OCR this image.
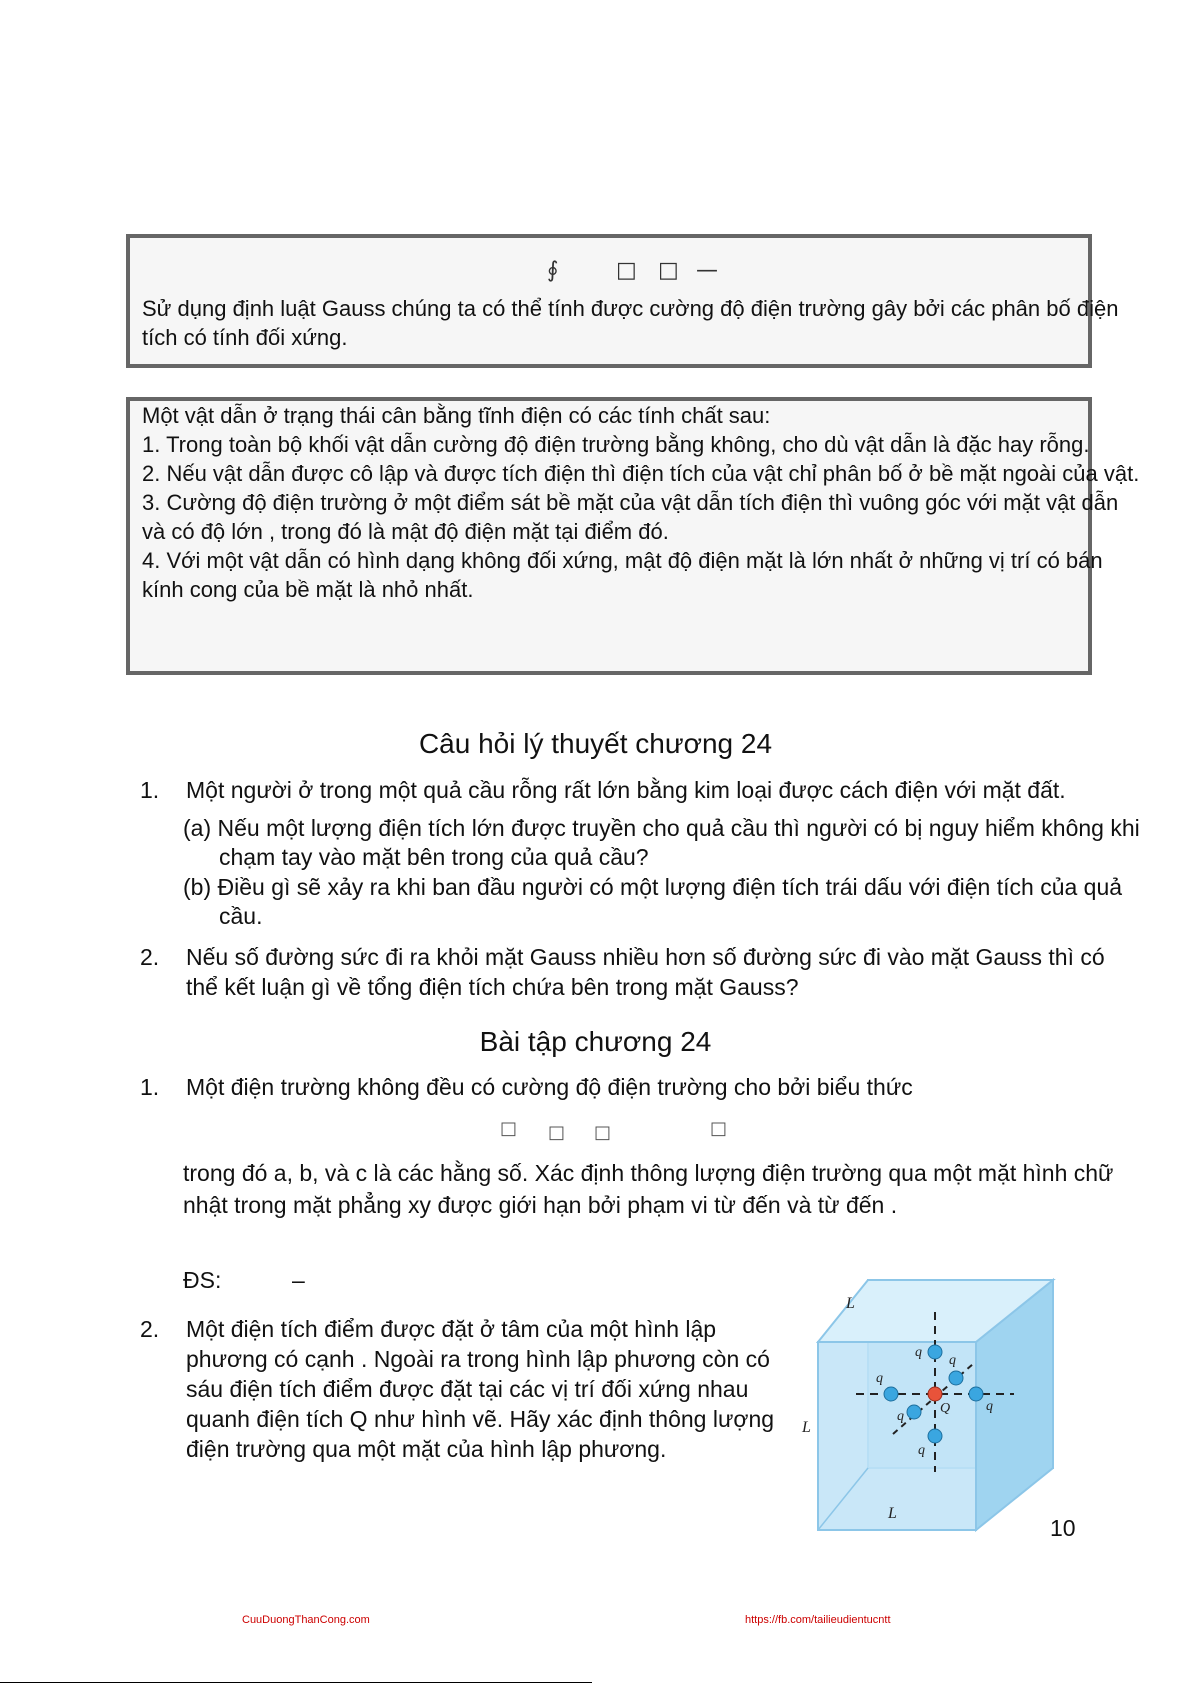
∮	□ □ —
Sử dụng định luật Gauss chúng ta có thể tính được cường độ điện trường gây bởi các phân bố điện tích có tính đối xứng.
Một vật dẫn ở trạng thái cân bằng tĩnh điện có các tính chất sau:
1. Trong toàn bộ khối vật dẫn cường độ điện trường bằng không, cho dù vật dẫn là đặc hay rỗng.
2. Nếu vật dẫn được cô lập và được tích điện thì điện tích của vật chỉ phân bố ở bề mặt ngoài của vật.
3. Cường độ điện trường ở một điểm sát bề mặt của vật dẫn tích điện thì vuông góc với mặt vật dẫn và có độ lớn , trong đó là mật độ điện mặt tại điểm đó.
4. Với một vật dẫn có hình dạng không đối xứng, mật độ điện mặt là lớn nhất ở những vị trí có bán kính cong của bề mặt là nhỏ nhất.
Câu hỏi lý thuyết chương 24
1. Một người ở trong một quả cầu rỗng rất lớn bằng kim loại được cách điện với mặt đất.
(a) Nếu một lượng điện tích lớn được truyền cho quả cầu thì người có bị nguy hiểm không khi chạm tay vào mặt bên trong của quả cầu?
(b) Điều gì sẽ xảy ra khi ban đầu người có một lượng điện tích trái dấu với điện tích của quả cầu.
2. Nếu số đường sức đi ra khỏi mặt Gauss nhiều hơn số đường sức đi vào mặt Gauss thì có thể kết luận gì về tổng điện tích chứa bên trong mặt Gauss?
Bài tập chương 24
1. Một điện trường không đều có cường độ điện trường cho bởi biểu thức
□ □ □	□
trong đó a, b, và c là các hằng số. Xác định thông lượng điện trường qua một mặt hình chữ nhật trong mặt phẳng xy được giới hạn bởi phạm vi từ đến và từ đến .
ĐS:	–
2. Một điện tích điểm được đặt ở tâm của một hình lập phương có cạnh . Ngoài ra trong hình lập phương còn có sáu điện tích điểm được đặt tại các vị trí đối xứng nhau quanh điện tích Q như hình vẽ. Hãy xác định thông lượng điện trường qua một mặt của hình lập phương.
L
L
L
q
q
q
q
q
q
Q
10
CuuDuongThanCong.com	https://fb.com/tailieudientucntt
